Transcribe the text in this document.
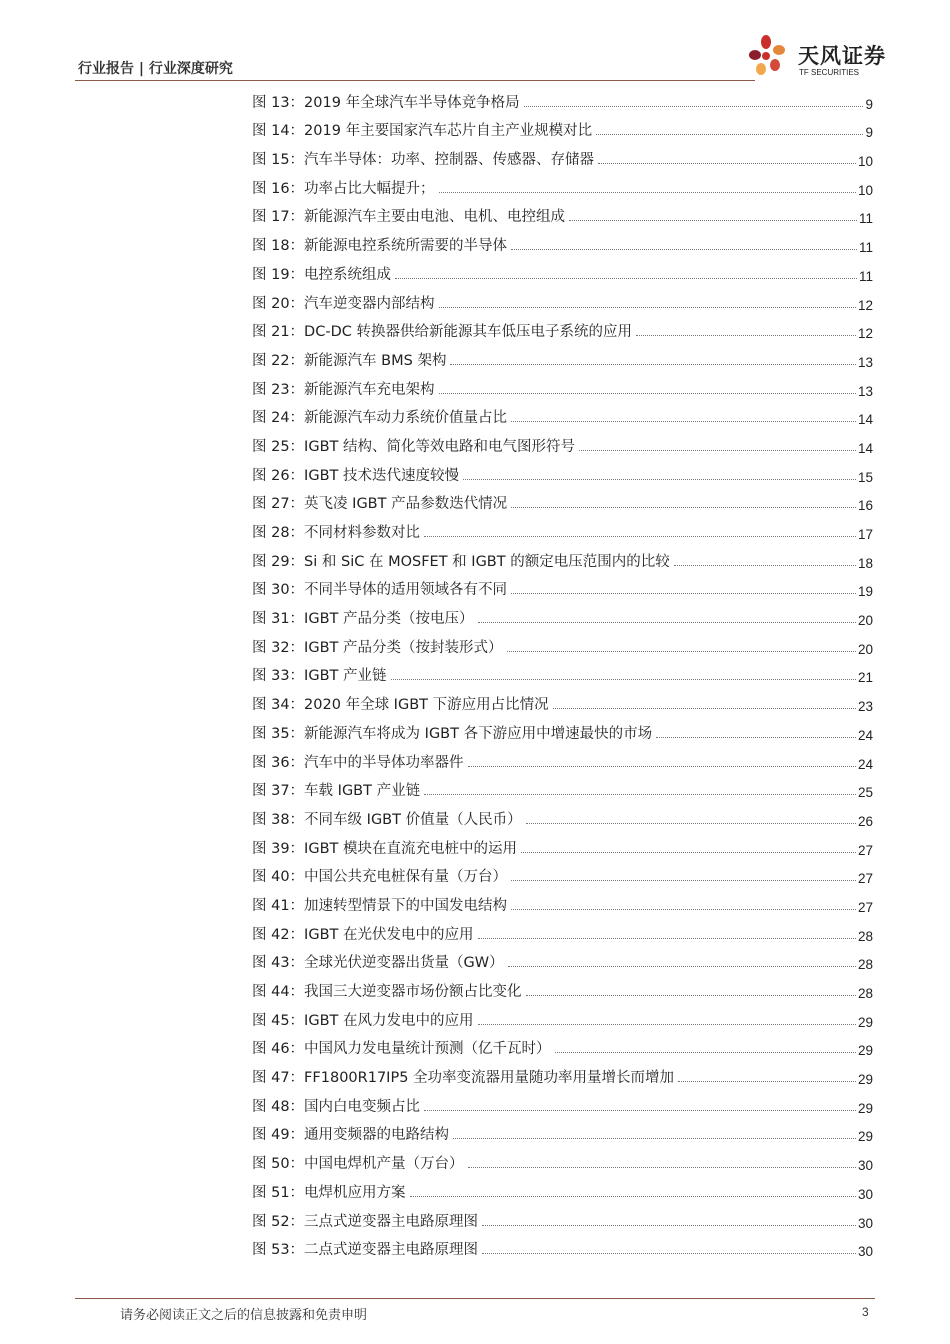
行业报告 | 行业深度研究
天风证券
TF SECURITIES
图 13：2019 年全球汽车半导体竞争格局	9
图 14：2019 年主要国家汽车芯片自主产业规模对比	9
图 15：汽车半导体：功率、控制器、传感器、存储器	10
图 16：功率占比大幅提升；	10
图 17：新能源汽车主要由电池、电机、电控组成	11
图 18：新能源电控系统所需要的半导体	11
图 19：电控系统组成	11
图 20：汽车逆变器内部结构	12
图 21：DC-DC 转换器供给新能源其车低压电子系统的应用	12
图 22：新能源汽车 BMS 架构	13
图 23：新能源汽车充电架构	13
图 24：新能源汽车动力系统价值量占比	14
图 25：IGBT 结构、简化等效电路和电气图形符号	14
图 26：IGBT 技术迭代速度较慢	15
图 27：英飞凌 IGBT 产品参数迭代情况	16
图 28：不同材料参数对比	17
图 29：Si 和 SiC 在 MOSFET 和 IGBT 的额定电压范围内的比较	18
图 30：不同半导体的适用领域各有不同	19
图 31：IGBT 产品分类（按电压）	20
图 32：IGBT 产品分类（按封装形式）	20
图 33：IGBT 产业链	21
图 34：2020 年全球 IGBT 下游应用占比情况	23
图 35：新能源汽车将成为 IGBT 各下游应用中增速最快的市场	24
图 36：汽车中的半导体功率器件	24
图 37：车载 IGBT 产业链	25
图 38：不同车级 IGBT 价值量（人民币）	26
图 39：IGBT 模块在直流充电桩中的运用	27
图 40：中国公共充电桩保有量（万台）	27
图 41：加速转型情景下的中国发电结构	27
图 42：IGBT 在光伏发电中的应用	28
图 43：全球光伏逆变器出货量（GW）	28
图 44：我国三大逆变器市场份额占比变化	28
图 45：IGBT 在风力发电中的应用	29
图 46：中国风力发电量统计预测（亿千瓦时）	29
图 47：FF1800R17IP5 全功率变流器用量随功率用量增长而增加	29
图 48：国内白电变频占比	29
图 49：通用变频器的电路结构	29
图 50：中国电焊机产量（万台）	30
图 51：电焊机应用方案	30
图 52：三点式逆变器主电路原理图	30
图 53：二点式逆变器主电路原理图	30
请务必阅读正文之后的信息披露和免责申明	3
